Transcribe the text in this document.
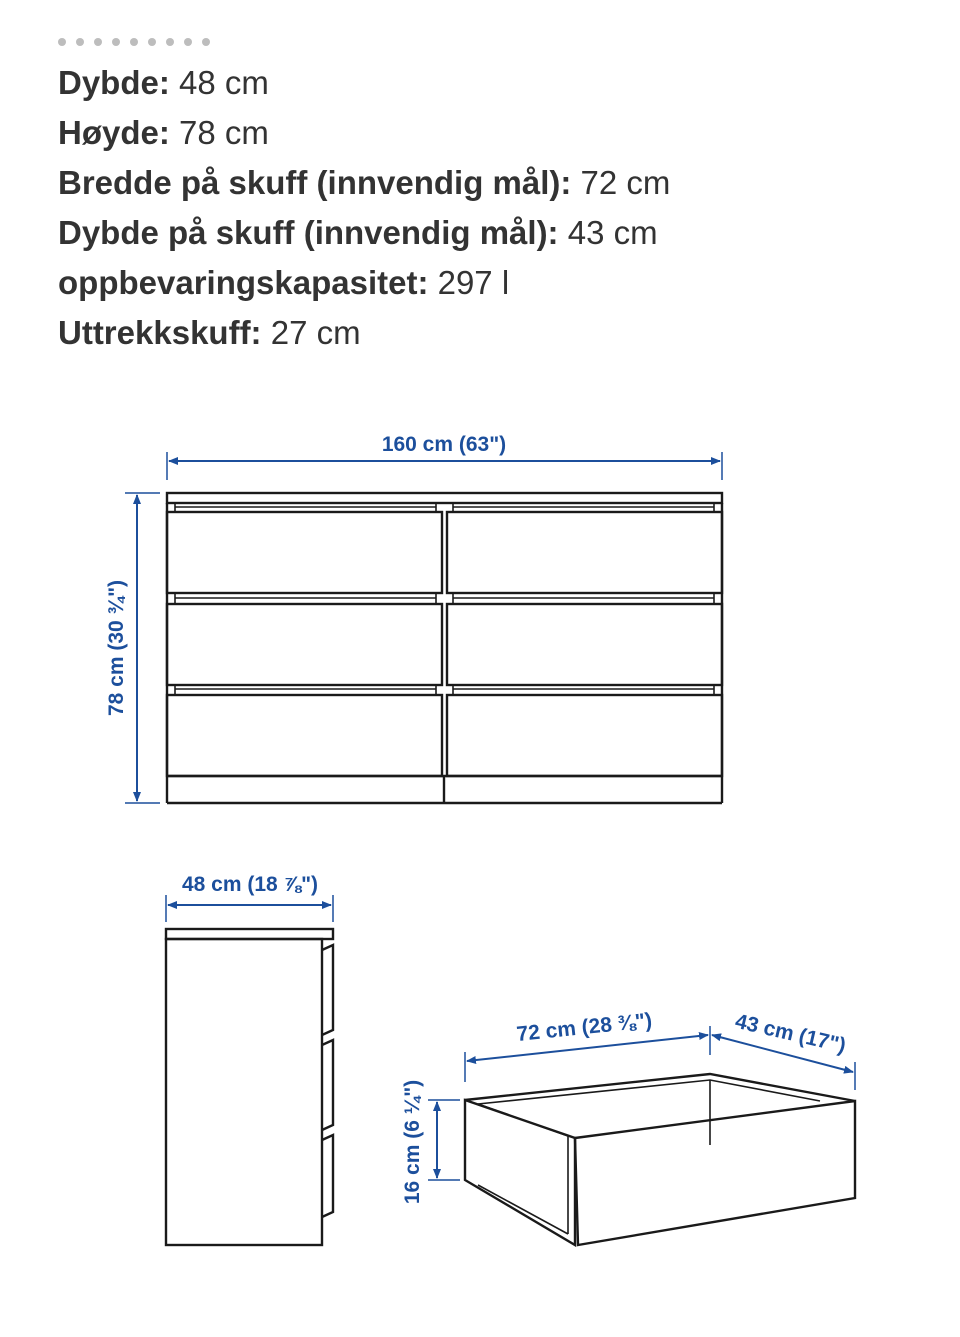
Dybde: 48 cm
Høyde: 78 cm
Bredde på skuff (innvendig mål): 72 cm
Dybde på skuff (innvendig mål): 43 cm
oppbevaringskapasitet: 297 l
Uttrekkskuff: 27 cm
160 cm (63")
78 cm (30 ¾")
48 cm (18 ⅞")
72 cm (28 ⅜")	43 cm (17")
16 cm (6 ¼")
